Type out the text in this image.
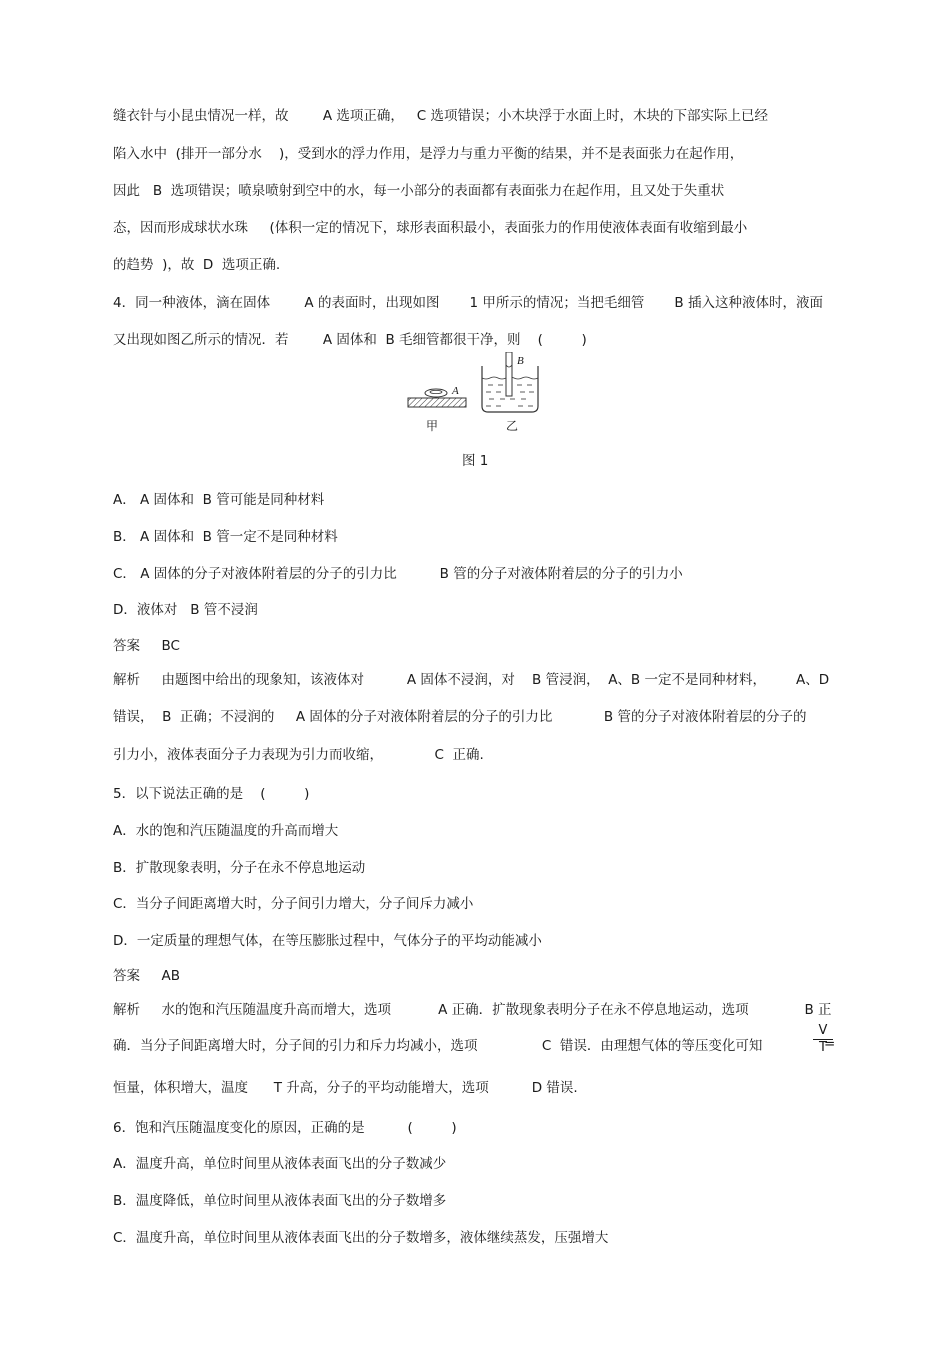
缝衣针与小昆虫情况一样，故        A 选项正确，   C 选项错误；小木块浮于水面上时，木块的下部实际上已经
陷入水中  (排开一部分水    )，受到水的浮力作用，是浮力与重力平衡的结果，并不是表面张力在起作用，
因此   B  选项错误；喷泉喷射到空中的水，每一小部分的表面都有表面张力在起作用，且又处于失重状
态，因而形成球状水珠     (体积一定的情况下，球形表面积最小，表面张力的作用使液体表面有收缩到最小
的趋势  )，故  D  选项正确.
4．同一种液体，滴在固体        A 的表面时，出现如图       1 甲所示的情况；当把毛细管       B 插入这种液体时，液面
又出现如图乙所示的情况．若        A 固体和  B 毛细管都很干净，则    (         )
A． A 固体和  B 管可能是同种材料
B． A 固体和  B 管一定不是同种材料
C． A 固体的分子对液体附着层的分子的引力比          B 管的分子对液体附着层的分子的引力小
D．液体对   B 管不浸润
答案     BC
解析     由题图中给出的现象知，该液体对          A 固体不浸润，对    B 管浸润，  A、B 一定不是同种材料，       A、D
错误，  B  正确；不浸润的     A 固体的分子对液体附着层的分子的引力比            B 管的分子对液体附着层的分子的
引力小，液体表面分子力表现为引力而收缩，            C  正确.
5．以下说法正确的是    (         )
A．水的饱和汽压随温度的升高而增大
B．扩散现象表明，分子在永不停息地运动
C．当分子间距离增大时，分子间引力增大，分子间斥力减小
D．一定质量的理想气体，在等压膨胀过程中，气体分子的平均动能减小
答案     AB
解析     水的饱和汽压随温度升高而增大，选项           A 正确．扩散现象表明分子在永不停息地运动，选项             B 正
确．当分子间距离增大时，分子间的引力和斥力均减小，选项               C  错误．由理想气体的等压变化可知
恒量，体积增大，温度      T 升高，分子的平均动能增大，选项          D 错误.
6．饱和汽压随温度变化的原因，正确的是          (         )
A．温度升高，单位时间里从液体表面飞出的分子数减少
B．温度降低，单位时间里从液体表面飞出的分子数增多
C．温度升高，单位时间里从液体表面飞出的分子数增多，液体继续蒸发，压强增大
A
甲
B
乙
图 1
V
T
=
